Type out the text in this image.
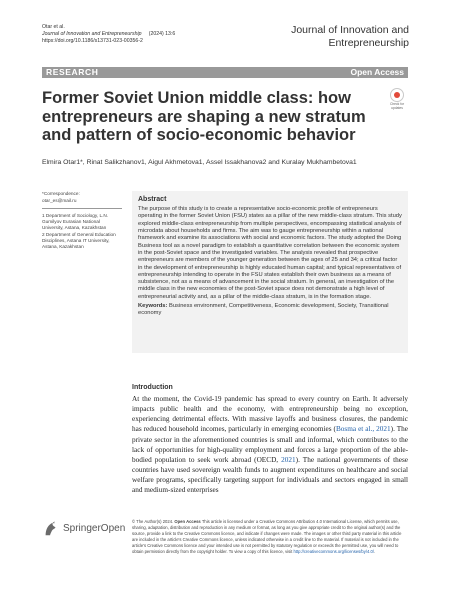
Otar et al.
Journal of Innovation and Entrepreneurship (2024) 13:6
https://doi.org/10.1186/s13731-023-00356-2
Journal of Innovation and Entrepreneurship
RESEARCH	Open Access
Former Soviet Union middle class: how entrepreneurs are shaping a new stratum and pattern of socio-economic behavior
Check for updates
Elmira Otar1*, Rinat Salikzhanov1, Aigul Akhmetova1, Assel Issakhanova2 and Kuralay Mukhambetova1
*Correspondence:
otar_es@mail.ru
1 Department of Sociology, L.N. Gumilyov Eurasian National University, Astana, Kazakhstan
2 Department of General Education Disciplines, Astana IT University, Astana, Kazakhstan
Abstract

The purpose of this study is to create a representative socio-economic profile of entrepreneurs operating in the former Soviet Union (FSU) states as a pillar of the new middle-class stratum. This study explored middle-class entrepreneurship from multiple perspectives, encompassing statistical analysis of microdata about households and firms. The aim was to gauge entrepreneurship within a national framework and examine its associations with social and economic factors. The study adopted the Doing Business tool as a novel paradigm to establish a quantitative correlation between the economic system in the post-Soviet space and the investigated variables. The analysis revealed that prospective entrepreneurs are members of the younger generation between the ages of 25 and 34; a critical factor in the development of entrepreneurship is highly educated human capital; and typical representatives of entrepreneurship intending to operate in the FSU states establish their own business as a means of subsistence, not as a means of advancement in the social stratum. In general, an investigation of the middle class in the new economies of the post-Soviet space does not demonstrate a high level of entrepreneurial activity and, as a pillar of the middle-class stratum, is in the formation stage.

Keywords: Business environment, Competitiveness, Economic development, Society, Transitional economy

Introduction

At the moment, the Covid-19 pandemic has spread to every country on Earth. It adversely impacts public health and the economy, with entrepreneurship being no exception, experiencing detrimental effects. With massive layoffs and business closures, the pandemic has reduced household incomes, particularly in emerging economies (Bosma et al., 2021). The private sector in the aforementioned countries is small and informal, which contributes to the lack of opportunities for high-quality employment and forces a large proportion of the able-bodied population to seek work abroad (OECD, 2021). The national governments of these countries have used sovereign wealth funds to augment expenditures on healthcare and social welfare programs, specifically targeting support for individuals and sectors engaged in small and medium-sized enterprises

SpringerOpen
© The Author(s) 2024. Open Access This article is licensed under a Creative Commons Attribution 4.0 International License, which permits use, sharing, adaptation, distribution and reproduction in any medium or format, as long as you give appropriate credit to the original author(s) and the source, provide a link to the Creative Commons licence, and indicate if changes were made. The images or other third party material in this article are included in the article's Creative Commons licence, unless indicated otherwise in a credit line to the material. If material is not included in the article's Creative Commons licence and your intended use is not permitted by statutory regulation or exceeds the permitted use, you will need to obtain permission directly from the copyright holder. To view a copy of this licence, visit http://creativecommons.org/licenses/by/4.0/.
